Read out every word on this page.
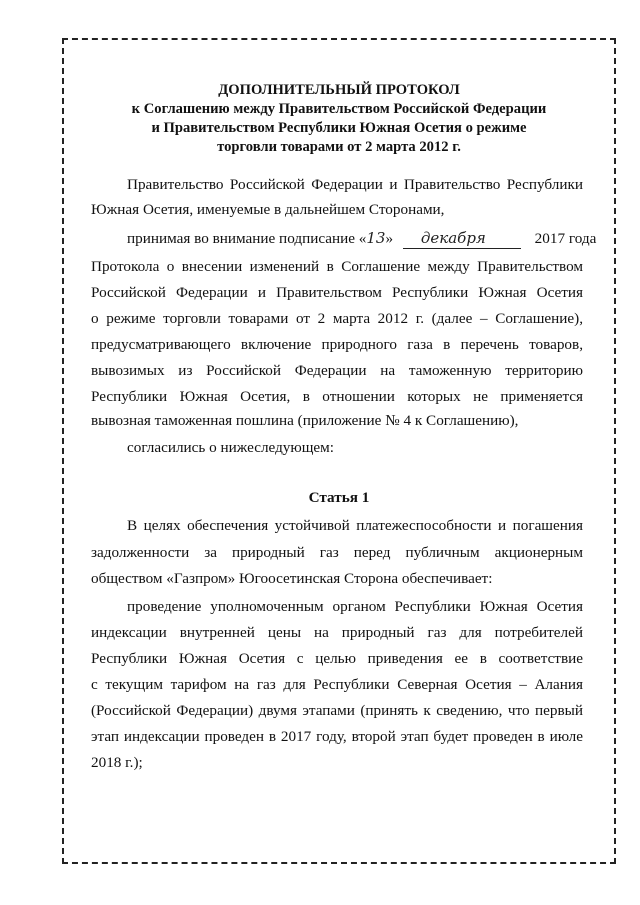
ДОПОЛНИТЕЛЬНЫЙ ПРОТОКОЛ
к Соглашению между Правительством Российской Федерации
и Правительством Республики Южная Осетия о режиме
торговли товарами от 2 марта 2012 г.
Правительство Российской Федерации и Правительство Республики
Южная Осетия, именуемые в дальнейшем Сторонами,
принимая во внимание подписание «13» декабря	2017 года
Протокола о внесении изменений в Соглашение между Правительством
Российской Федерации и Правительством Республики Южная Осетия
о режиме торговли товарами от 2 марта 2012 г. (далее – Соглашение),
предусматривающего включение природного газа в перечень товаров,
вывозимых из Российской Федерации на таможенную территорию
Республики Южная Осетия, в отношении которых не применяется
вывозная таможенная пошлина (приложение № 4 к Соглашению),
согласились о нижеследующем:
Статья 1
В целях обеспечения устойчивой платежеспособности и погашения
задолженности за природный газ перед публичным акционерным
обществом «Газпром» Югоосетинская Сторона обеспечивает:
проведение уполномоченным органом Республики Южная Осетия
индексации внутренней цены на природный газ для потребителей
Республики Южная Осетия с целью приведения ее в соответствие
с текущим тарифом на газ для Республики Северная Осетия – Алания
(Российской Федерации) двумя этапами (принять к сведению, что первый
этап индексации проведен в 2017 году, второй этап будет проведен в июле
2018 г.);
